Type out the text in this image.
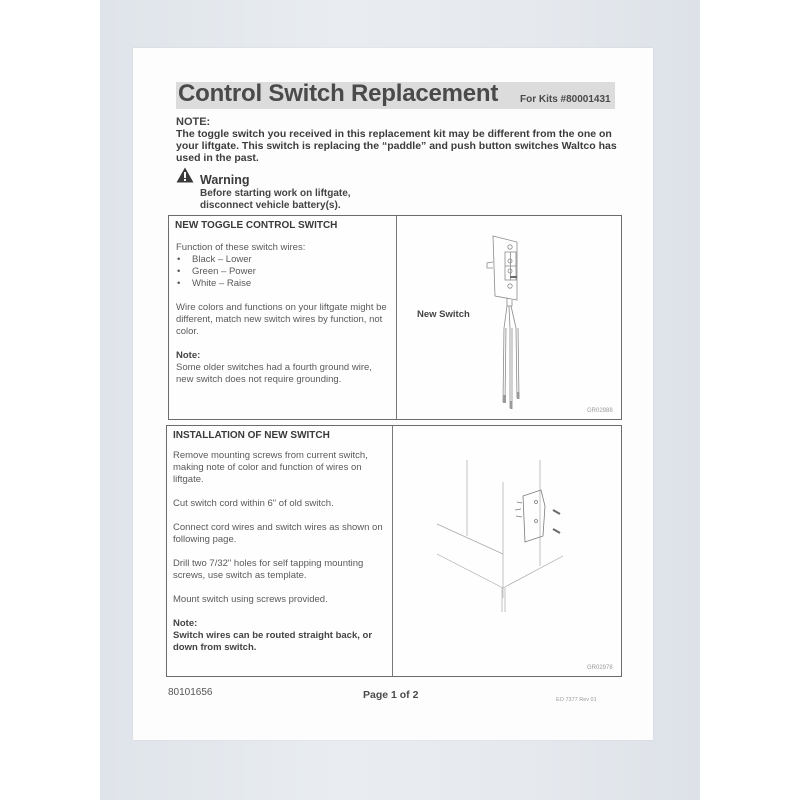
Control Switch Replacement For Kits #80001431
NOTE:
The toggle switch you received in this replacement kit may be different from the one on your liftgate. This switch is replacing the “paddle” and push button switches Waltco has used in the past.
Warning
Before starting work on liftgate,
disconnect vehicle battery(s).
NEW TOGGLE CONTROL SWITCH
Function of these switch wires:
• Black – Lower
• Green – Power
• White – Raise
Wire colors and functions on your liftgate might be different, match new switch wires by function, not color.
Note:
Some older switches had a fourth ground wire, new switch does not require grounding.
New Switch
GR02988
INSTALLATION OF NEW SWITCH
Remove mounting screws from current switch, making note of color and function of wires on liftgate.
Cut switch cord within 6" of old switch.
Connect cord wires and switch wires as shown on following page.
Drill two 7/32" holes for self tapping mounting screws, use switch as template.
Mount switch using screws provided.
Note:
Switch wires can be routed straight back, or down from switch.
GR02978
80101656	Page 1 of 2	EO 7377 Rev 01
